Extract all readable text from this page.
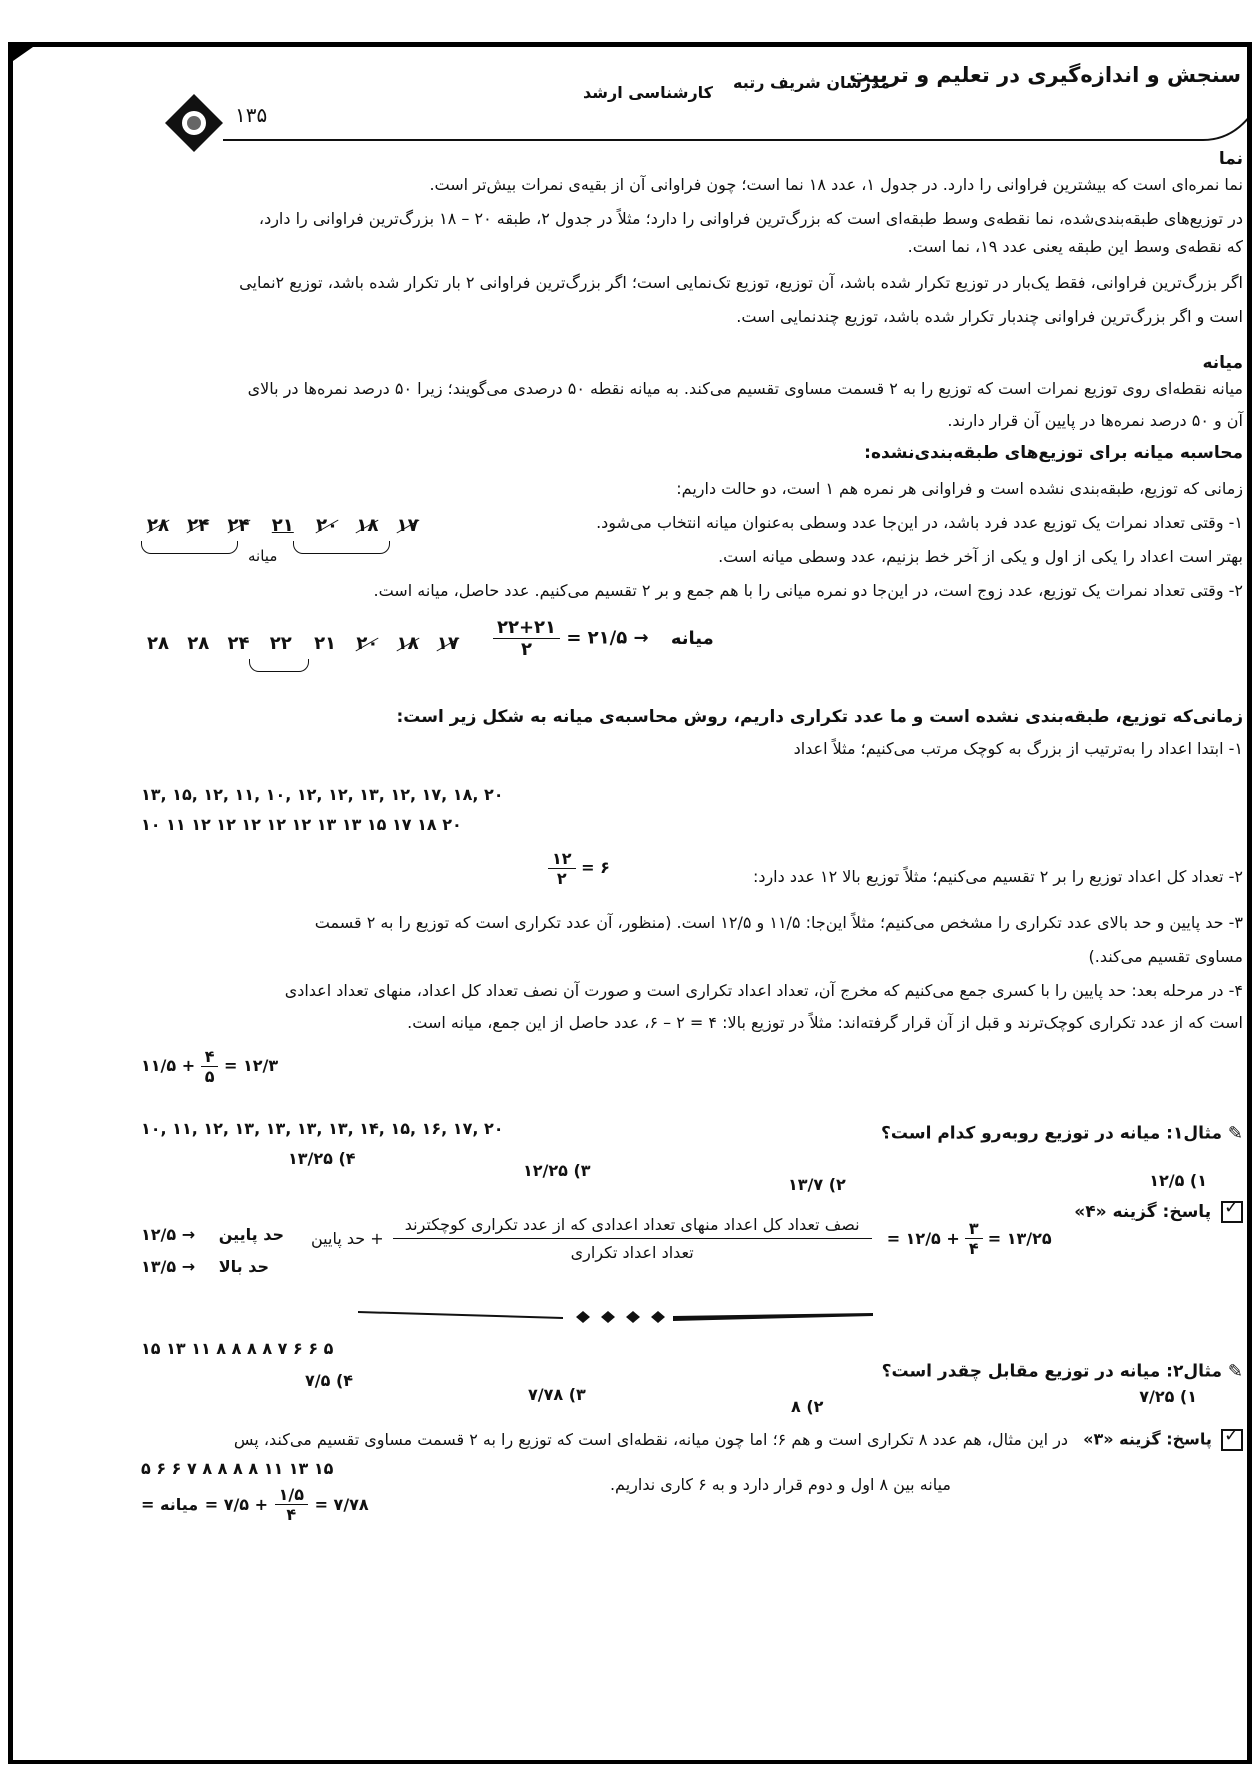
سنجش و اندازه‌گیری در تعلیم و تربیت
مدرسان شریف رتبه
کارشناسی ارشد
۱۳۵
نما
نما نمره‌ای است که بیشترین فراوانی را دارد. در جدول ۱، عدد ۱۸ نما است؛ چون فراوانی آن از بقیه‌ی نمرات بیش‌تر است.
در توزیع‌های طبقه‌بندی‌شده، نما نقطه‌ی وسط طبقه‌ای است که بزرگ‌ترین فراوانی را دارد؛ مثلاً در جدول ۲، طبقه ۲۰ – ۱۸ بزرگ‌ترین فراوانی را دارد،
که نقطه‌ی وسط این طبقه یعنی عدد ۱۹، نما است.
اگر بزرگ‌ترین فراوانی، فقط یک‌بار در توزیع تکرار شده باشد، آن توزیع، توزیع تک‌نمایی است؛ اگر بزرگ‌ترین فراوانی ۲ بار تکرار شده باشد، توزیع ۲نمایی
است و اگر بزرگ‌ترین فراوانی چندبار تکرار شده باشد، توزیع چندنمایی است.
میانه
میانه نقطه‌ای روی توزیع نمرات است که توزیع را به ۲ قسمت مساوی تقسیم می‌کند. به میانه نقطه ۵۰ درصدی می‌گویند؛ زیرا ۵۰ درصد نمره‌ها در بالای
آن و ۵۰ درصد نمره‌ها در پایین آن قرار دارند.
محاسبه میانه برای توزیع‌های طبقه‌بندی‌نشده:
زمانی که توزیع، طبقه‌بندی نشده است و فراوانی هر نمره هم ۱ است، دو حالت داریم:
۱- وقتی تعداد نمرات یک توزیع عدد فرد باشد، در این‌جا عدد وسطی به‌عنوان میانه انتخاب می‌شود.
بهتر است اعداد را یکی از اول و یکی از آخر خط بزنیم، عدد وسطی میانه است.
۲- وقتی تعداد نمرات یک توزیع، عدد زوج است، در این‌جا دو نمره میانی را با هم جمع و بر ۲ تقسیم می‌کنیم. عدد حاصل، میانه است.
۲۸ ۲۴ ۲۴ ۲۱ ۲۰ ۱۸ ۱۷
میانه
۲۸ ۲۸ ۲۴ ۲۲ ۲۱ ۲۰ ۱۸ ۱۷	$\frac{۲۲+۲۱}{۲}$ = ۲۱/۵ → میانه
زمانی‌که توزیع، طبقه‌بندی نشده است و ما عدد تکراری داریم، روش محاسبه‌ی میانه به شکل زیر است:
۱- ابتدا اعداد را به‌ترتیب از بزرگ به کوچک مرتب می‌کنیم؛ مثلاً اعداد
۱۳, ۱۵, ۱۲, ۱۱, ۱۰, ۱۲, ۱۲, ۱۳, ۱۲, ۱۷, ۱۸, ۲۰
۱۰ ۱۱ ۱۲ ۱۲ ۱۲ ۱۲ ۱۲ ۱۳ ۱۳ ۱۵ ۱۷ ۱۸ ۲۰
۲- تعداد کل اعداد توزیع را بر ۲ تقسیم می‌کنیم؛ مثلاً توزیع بالا ۱۲ عدد دارد:
$\frac{۱۲}{۲}$ = ۶
۳- حد پایین و حد بالای عدد تکراری را مشخص می‌کنیم؛ مثلاً این‌جا: ۱۱/۵ و ۱۲/۵ است. (منظور، آن عدد تکراری است که توزیع را به ۲ قسمت
مساوی تقسیم می‌کند.)
۴- در مرحله بعد: حد پایین را با کسری جمع می‌کنیم که مخرج آن، تعداد اعداد تکراری است و صورت آن نصف تعداد کل اعداد، منهای تعداد اعدادی
است که از عدد تکراری کوچک‌ترند و قبل از آن قرار گرفته‌اند: مثلاً در توزیع بالا: ۴ = ۲ – ۶، عدد حاصل از این جمع، میانه است.
۱۱/۵ + $\frac{۴}{۵}$ = ۱۲/۳
۱۰, ۱۱, ۱۲, ۱۳, ۱۳, ۱۳, ۱۳, ۱۴, ۱۵, ۱۶, ۱۷, ۲۰	✎ مثال۱: میانه در توزیع روبه‌رو کدام است؟
۱) ۱۲/۵
۲) ۱۳/۷
۳) ۱۲/۲۵
۴) ۱۳/۲۵
✓ پاسخ: گزینه «۴»
۱۲/۵ → حد پایین
۱۳/۵ → حد بالا
+ حد پایین
نصف تعداد کل اعداد منهای تعداد اعدادی که از عدد تکراری کوچکترند
تعداد اعداد تکراری
= ۱۲/۵ + $\frac{۳}{۴}$ = ۱۳/۲۵
۱۵ ۱۳ ۱۱ ۸ ۸ ۸ ۸ ۷ ۶ ۶ ۵
✎ مثال۲: میانه در توزیع مقابل چقدر است؟
۴) ۷/۵
۳) ۷/۷۸
۲) ۸
۱) ۷/۲۵
✓ پاسخ: گزینه «۳» در این مثال، هم عدد ۸ تکراری است و هم ۶؛ اما چون میانه، نقطه‌ای است که توزیع را به ۲ قسمت مساوی تقسیم می‌کند، پس
۵ ۶ ۶ ۷ ۸ ۸ ۸ ۸ ۱۱ ۱۳ ۱۵
میانه بین ۸ اول و دوم قرار دارد و به ۶ کاری نداریم.
= میانه = ۷/۵ + $\frac{۱/۵}{۴}$ = ۷/۷۸
